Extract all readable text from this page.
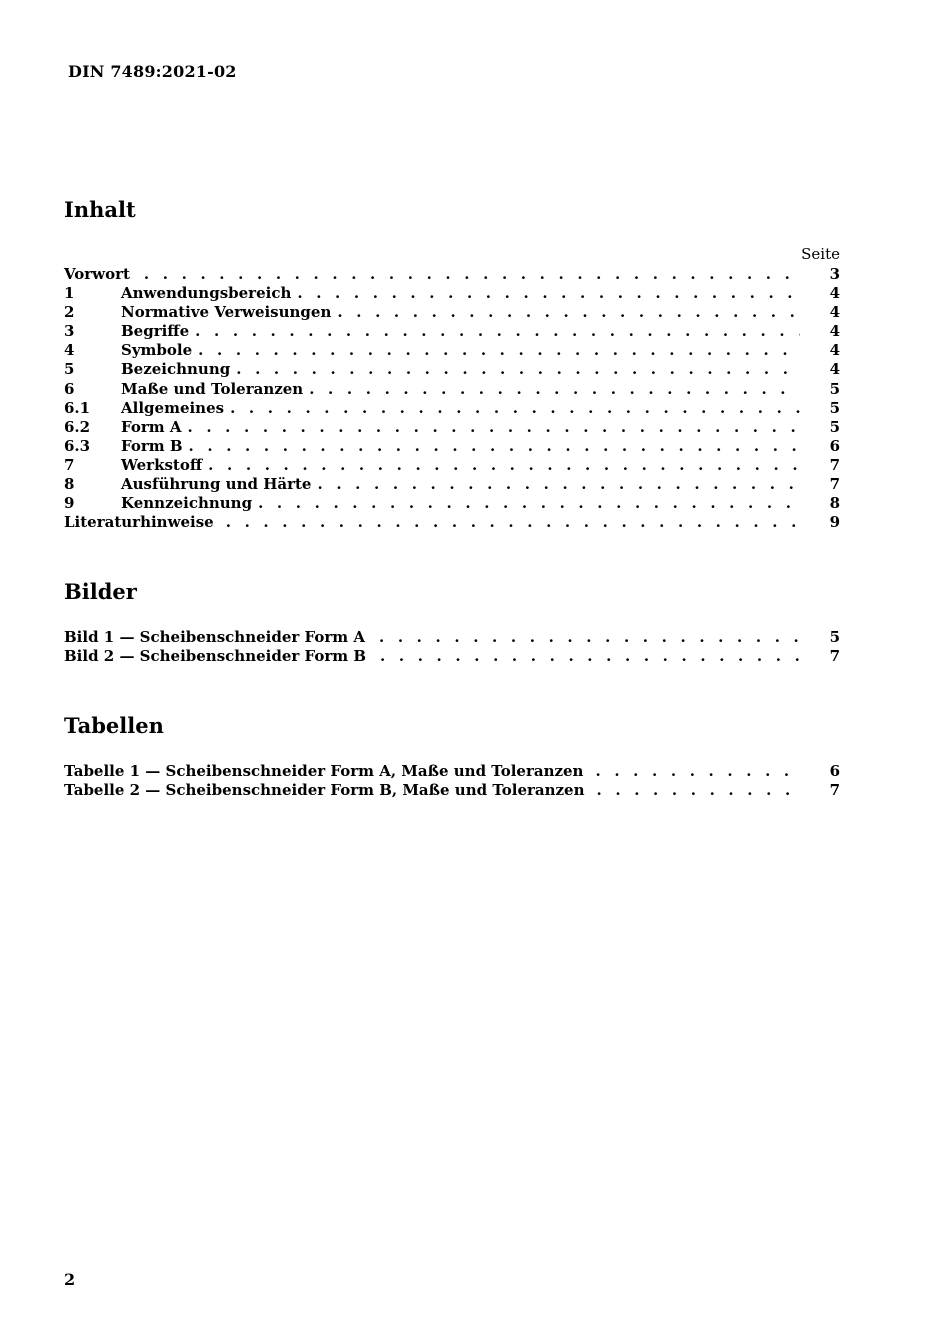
DIN 7489:2021-02
Inhalt
Seite
Vorwort . . .	3
1	Anwendungsbereich . . .	4
2	Normative Verweisungen . . .	4
3	Begriffe . . .	4
4	Symbole . . .	4
5	Bezeichnung . . .	4
6	Maße und Toleranzen . . .	5
6.1	Allgemeines . . .	5
6.2	Form A . . .	5
6.3	Form B . . .	6
7	Werkstoff . . .	7
8	Ausführung und Härte . . .	7
9	Kennzeichnung . . .	8
Literaturhinweise . . .	9
Bilder
Bild 1 — Scheibenschneider Form A . . .	5
Bild 2 — Scheibenschneider Form B . . .	7
Tabellen
Tabelle 1 — Scheibenschneider Form A, Maße und Toleranzen . . .	6
Tabelle 2 — Scheibenschneider Form B, Maße und Toleranzen . . .	7
2
